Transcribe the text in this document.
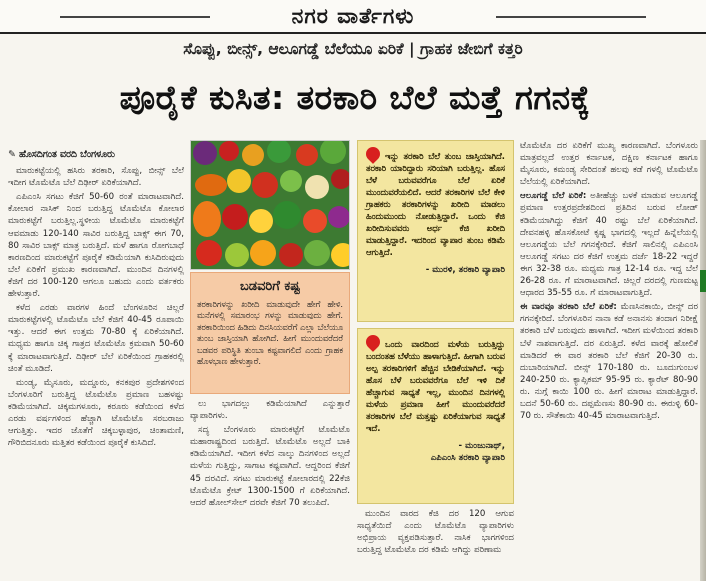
ನಗರ ವಾರ್ತೆಗಳು
ಸೊಪ್ಪು, ಬೀನ್ಸ್, ಆಲೂಗಡ್ಡೆ ಬೆಲೆಯೂ ಏರಿಕೆ | ಗ್ರಾಹಕ ಜೇಬಿಗೆ ಕತ್ತರಿ
ಪೂರೈಕೆ ಕುಸಿತ: ತರಕಾರಿ ಬೆಲೆ ಮತ್ತೆ ಗಗನಕ್ಕೆ

✎ ಹೊಸದಿಗಂತ ವರದಿ ಬೆಂಗಳೂರು

ಮಾರುಕಟ್ಟೆಯಲ್ಲಿ ಹಸಿರು ತರಕಾರಿ, ಸೊಪ್ಪು, ಬೀನ್ಸ್ ಬೆಲೆ ಇದೀಗ ಟೊಮೆಟೊ ಬೆಲೆ ದಿಢೀರ್ ಏರಿಕೆಯಾಗಿದೆ.

ಎಪಿಎಂಸಿ ಸಗಟು ಕೆಜಿಗೆ 50-60 ರಂತೆ ಮಾರಾಟವಾಗಿದೆ. ಕೋಲಾರ ನಾಸಿಕ್ ನಿಂದ ಬರುತ್ತಿದ್ದ ಟೊಮೆಟೊ ಕೋಲಾರ ಮಾರುಕಟ್ಟೆಗೆ ಬರುತ್ತಿಲ್ಲ.ಸ್ಥಳೀಯ ಟೊಮೆಟೊ ಮಾರುಕಟ್ಟೆಗೆ ಆವಮಾಡು 120-140 ಸಾವಿರ ಬರುತ್ತಿದ್ದ ಬಾಕ್ಸ್ ಈಗ 70, 80 ಸಾವಿರ ಬಾಕ್ಸ್ ಮಾತ್ರ ಬರುತ್ತಿದೆ. ಮಳೆ ಹಾಗೂ ರೋಗಬಾಧೆ ಕಾರಣದಿಂದ ಮಾರುಕಟ್ಟೆಗೆ ಪೂರೈಕೆ ಕಡಿಮೆಯಾಗಿ ಕುಸಿದಿರುವುದು ಬೆಲೆ ಏರಿಕೆಗೆ ಪ್ರಮುಖ ಕಾರಣವಾಗಿದೆ. ಮುಂದಿನ ದಿನಗಳಲ್ಲಿ ಕೆಜಿಗೆ ದರ 100-120 ಆಗಲೂ ಬಹುದು ಎಂದು ವರ್ತಕರು ಹೇಳುತ್ತಾರೆ.

ಕಳೆದ ಎರಡು ವಾರಗಳ ಹಿಂದೆ ಬೆಂಗಳೂರಿನ ಚಿಲ್ಲರೆ ಮಾರುಕಟ್ಟೆಗಳಲ್ಲಿ ಟೊಮೆಟೊ ಬೆಲೆ ಕೆಜಿಗೆ 40-45 ರೂಪಾಯಿ ಇತ್ತು. ಆದರೆ ಈಗ ಉತ್ತಮ 70-80 ಕ್ಕೆ ಏರಿಕೆಯಾಗಿದೆ. ಮಧ್ಯಮ ಹಾಗೂ ಚಿಕ್ಕ ಗಾತ್ರದ ಟೊಮೆಟೊ ಕ್ರಮವಾಗಿ 50-60 ಕ್ಕೆ ಮಾರಾಟವಾಗುತ್ತಿದೆ. ದಿಢೀರ್ ಬೆಲೆ ಏರಿಕೆಯಿಂದ ಗ್ರಾಹಕರಲ್ಲಿ ಚಿಂತೆ ಮೂಡಿದೆ.

ಮಂಡ್ಯ, ಮೈಸೂರು, ಮದ್ದೂರು, ಕನಕಪುರ ಪ್ರದೇಶಗಳಿಂದ ಬೆಂಗಳೂರಿಗೆ ಬರುತ್ತಿದ್ದ ಟೊಮೆಟೊ ಪ್ರಮಾಣ ಬಹಳಷ್ಟು ಕಡಿಮೆಯಾಗಿದೆ. ಚಿಕ್ಕಮಗಳೂರು, ಕರೂರು ಕಡೆಯಿಂದ ಕಳೆದ ಎರಡು ವರ್ಷಗಳಿಂದ ಹೆಚ್ಚಾಗಿ ಟೊಮೆಟೊ ಸರಬರಾಜು ಆಗುತ್ತಿತ್ತು. ಇದರ ಜೊತೆಗೆ ಚಿಕ್ಕಬಳ್ಳಾಪುರ, ಚಿಂತಾಮಣಿ, ಗೌರಿಬಿದನೂರು ಮತ್ತಿತರ ಕಡೆಯಿಂದ ಪೂರೈಕೆ ಕುಸಿದಿದೆ.

ಬಡವರಿಗೆ ಕಷ್ಟ
ತರಕಾರಿಗಳನ್ನು ಖರೀದಿ ಮಾಡುವುದೇ ಹೇಗೆ ಹೇಳಿ. ಮನೆಗಳಲ್ಲಿ ಸಮಾರಂಭ ಗಳನ್ನು ಮಾಡುವುದು ಹೇಗೆ. ತರಕಾರಿಯಿಂದ ಹಿಡಿದು ದಿನಸಿಯವರೆಗೆ ಎಲ್ಲಾ ಬೆಲೆಯೂ ತುಂಬ ಜಾಸ್ತಿಯಾಗಿ ಹೋಗಿದೆ. ಹೀಗೆ ಮುಂದುವರೆದರೆ ಬಡವರ ಪರಿಸ್ಥಿತಿ ತುಂಬಾ ಕಷ್ಟವಾಗಲಿದೆ ಎಂದು ಗ್ರಾಹಕ ಹೊಳಭಾಣ ಹೇಳುತ್ತಾರೆ.

ಲು ಭಾಗದಲ್ಲು ಕಡಿಮೆಯಾಗಿದೆ ಎನ್ನುತ್ತಾರೆ ವ್ಯಾಪಾರಿಗಳು.

ಸದ್ಯ ಬೆಂಗಳೂರು ಮಾರುಕಟ್ಟೆಗೆ ಟೊಮೆಟೊ ಮಹಾರಾಷ್ಟ್ರದಿಂದ ಬರುತ್ತಿದೆ. ಟೊಮೆಟೊ ಅಲ್ಲದೆ ಬಾಕಿ ಕಡಿಮೆಯಾಗಿದೆ. ಇದೀಗ ಕಳೆದ ನಾಲ್ಕು ದಿನಗಳಿಂದ ಅಲ್ಲದೆ ಮಳೆಯ ಗುತ್ತಿದ್ದು, ಸಾಗಾಟ ಕಷ್ಟವಾಗಿದೆ. ಆದ್ದರಿಂದ ಕೆಜಿಗೆ 45 ದರವಿದೆ. ಸಗಟು ಮಾರುಕಟ್ಟೆ ಕೋಲಾರದಲ್ಲಿ 22ಕೆಜಿ ಟೊಮೆಟೊ ಕ್ರೇಟ್ 1300-1500 ಗೆ ಏರಿಕೆಯಾಗಿದೆ. ಆದರೆ ಹೋಲ್‌ಸೇಲ್ ದರವೇ ಕೆಜಿಗೆ 70 ತಲುಪಿದೆ.

ಇನ್ನು ತರಕಾರಿ ಬೆಲೆ ತುಂಬ ಜಾಸ್ತಿಯಾಗಿದೆ. ತರಕಾರಿ ಯಾರಿದ್ದಾರು ಸರಿಯಾಗಿ ಬರುತ್ತಿಲ್ಲ. ಹೊಸ ಬೆಳೆ ಬರುವವರೆಗೂ ಬೆಲೆ ಏರಿಕೆ ಮುಂದುವರೆಯಲಿದೆ. ಆದರೆ ತರಕಾರಿಗಳ ಬೆಲೆ ಕೇಳಿ ಗ್ರಾಹಕರು ತರಕಾರಿಗಳನ್ನು ಖರೀದಿ ಮಾಡಲು ಹಿಂದುಮುಂದು ನೋಡುತ್ತಿದ್ದಾರೆ. ಒಂದು ಕೆಜಿ ಖರೀದಿಸುವವರು ಅರ್ಧ ಕೆಜಿ ಖರೀದಿ ಮಾಡುತ್ತಿದ್ದಾರೆ. ಇದರಿಂದ ವ್ಯಾಪಾರ ತುಂಬ ಕಡಿಮೆ ಆಗುತ್ತಿದೆ.
- ಮುರಳಿ, ತರಕಾರಿ ವ್ಯಾಪಾರಿ
ಒಂದು ವಾರದಿಂದ ಮಳೆಯ ಬರುತ್ತಿದ್ದು ಬಂದಂತಹ ಬೆಳೆಯು ಹಾಳಾಗುತ್ತಿದೆ. ಹೀಗಾಗಿ ಬರುವ ಅಲ್ಪ ತರಕಾರಿಗಳಿಗೆ ಹೆಚ್ಚಿನ ಬೇಡಿಕೆಯಾಗಿದೆ. ಇನ್ನು ಹೊಸ ಬೆಳೆ ಬರುವವರೆಗೂ ಬೆಲೆ ಇಳಿ ದಿಕೆ ಹೆಚ್ಚಾಗುವ ಸಾಧ್ಯತೆ ಇಲ್ಲ, ಮುಂದಿನ ದಿನಗಳಲ್ಲಿ ಮಳೆಯ ಪ್ರಮಾಣ ಹೀಗೆ ಮುಂದುವರೆದರೆ ತರಕಾರಿಗಳ ಬೆಲೆ ಮತ್ತಷ್ಟು ಏರಿಕೆಯಾಗುವ ಸಾಧ್ಯತೆ ಇದೆ.
- ಮಂಜುನಾಥ್,
ಎಪಿಎಂಸಿ ತರಕಾರಿ ವ್ಯಾಪಾರಿ

ಮುಂದಿನ ವಾರದ ಕೆಜಿ ದರ 120 ಆಗುವ ಸಾಧ್ಯತೆಯಿದೆ ಎಂದು ಟೊಮೆಟೊ ವ್ಯಾಪಾರಿಗಳು ಅಭಿಪ್ರಾಯ ವ್ಯಕ್ತಪಡಿಸುತ್ತಾರೆ. ನಾಸಿಕ ಭಾಗಗಳಿಂದ ಬರುತ್ತಿದ್ದ ಟೊಮೆಟೊ ದರ ಕಡಿಮೆ ಆಗಿದ್ದು ಪರಿಣಾಮ

ಟೊಮೆಟೊ ದರ ಏರಿಕೆಗೆ ಮುಖ್ಯ ಕಾರಣವಾಗಿದೆ. ಬೆಂಗಳೂರು ಮಾತ್ರವಲ್ಲದೆ ಉತ್ತರ ಕರ್ನಾಟಕ, ದಕ್ಷಿಣ ಕರ್ನಾಟಕ ಹಾಗೂ ಮೈಸೂರು, ಕಮಂಡ್ಯ ಸೇರಿದಂತೆ ಹಲವು ಕಡೆ ಗಳಲ್ಲಿ ಟೊಮೆಟೊ ಬೆಲೆಯಲ್ಲಿ ಏರಿಕೆಯಾಗಿದೆ.

ಆಲೂಗಡ್ಡೆ ಬೆಲೆ ಏರಿಕೆ: ಅತೀಹೆಚ್ಚು ಬಳಕೆ ಮಾಡುವ ಆಲೂಗಡ್ಡೆ ಪ್ರಮಾಣ ಉತ್ತರಪ್ರದೇಶದಿಂದ ಪ್ರತಿದಿನ ಬರುವ ಲೋಡ್ ಕಡಿಮೆಯಾಗಿದ್ದು ಕೆಜಿಗೆ 40 ರಷ್ಟು ಬೆಲೆ ಏರಿಕೆಯಾಗಿದೆ. ದೇವನಹಳ್ಳಿ ಹೊಸಕೋಟೆ ಕೃಷ್ಣ ಭಾಗದಲ್ಲಿ ಇಲ್ಲದೆ ಹಿನ್ನೆಲೆಯಲ್ಲಿ ಆಲೂಗಡ್ಡೆಯ ಬೆಲೆ ಗಗನಕ್ಕೇರಿದೆ. ಕೆಜಿಗೆ ಸಾಲಿನಲ್ಲಿ ಎಪಿಎಂಸಿ ಆಲೂಗಡ್ಡೆ ಸಗಟು ದರ ಕೆಜಿಗೆ ಉತ್ತಮ ದರ್ಜೆ 18-22 ಇದ್ದರೆ ಈಗ 32-38 ರೂ. ಮಧ್ಯಮ ಗಾತ್ರ 12-14 ರೂ. ಇದ್ದ ಬೆಲೆ 26-28 ರೂ. ಗೆ ಮಾರಾಟವಾಗಿದೆ. ಚಿಲ್ಲರೆ ದರದಲ್ಲಿ ಗುಣಮಟ್ಟ ಆಧಾರದ 35-55 ರೂ. ಗೆ ಮಾರಾಟವಾಗುತ್ತಿದೆ.

ಈ ವಾರವೂ ತರಕಾರಿ ಬೆಲೆ ಏರಿಕೆ: ಮೆಣಸಿನಕಾಯಿ, ಬೀನ್ಸ್ ದರ ಗಗನಕ್ಕೇರಿದೆ. ಬೆಂಗಳೂರಿನ ನಾನಾ ಕಡೆ ಅನಾನಸು ತಂದಾಗ ನಿರೀಕ್ಷೆ ತರಕಾರಿ ಬೆಳೆ ಬರುವುದು ಹಾಳಾಗಿದೆ. ಇದೀಗ ಮಳೆಯಿಂದ ತರಕಾರಿ ಬೆಳೆ ನಾಶವಾಗುತ್ತಿದೆ. ದರ ಏರುತ್ತಿದೆ. ಕಳೆದ ವಾರಕ್ಕೆ ಹೋಲಿಕೆ ಮಾಡಿದರೆ ಈ ವಾರ ತರಕಾರಿ ಬೆಲೆ ಕೆಜಿಗೆ 20-30 ರು. ದುಬಾರಿಯಾಗಿದೆ. ಬೀನ್ಸ್ 170-180 ರು. ಬೂದುಗುಂಬಳ 240-250 ರು. ಕ್ಯಾಪ್ಸಿಕಮ್ 95-95 ರು. ಕ್ಯಾರೆಟ್ 80-90 ರು. ನುಗ್ಗೆ ಕಾಯಿ 100 ರು. ಹೀಗೆ ಮಾರಾಟ ಮಾಡುತ್ತಿದ್ದಾರೆ. ಬದನೆ 50-60 ರು. ದಪ್ಪಮೆಣಸು 80-90 ರು. ಈರುಳ್ಳಿ 60-70 ರು. ಸೌತೆಕಾಯಿ 40-45 ಮಾರಾಟವಾಗುತ್ತಿದೆ.
